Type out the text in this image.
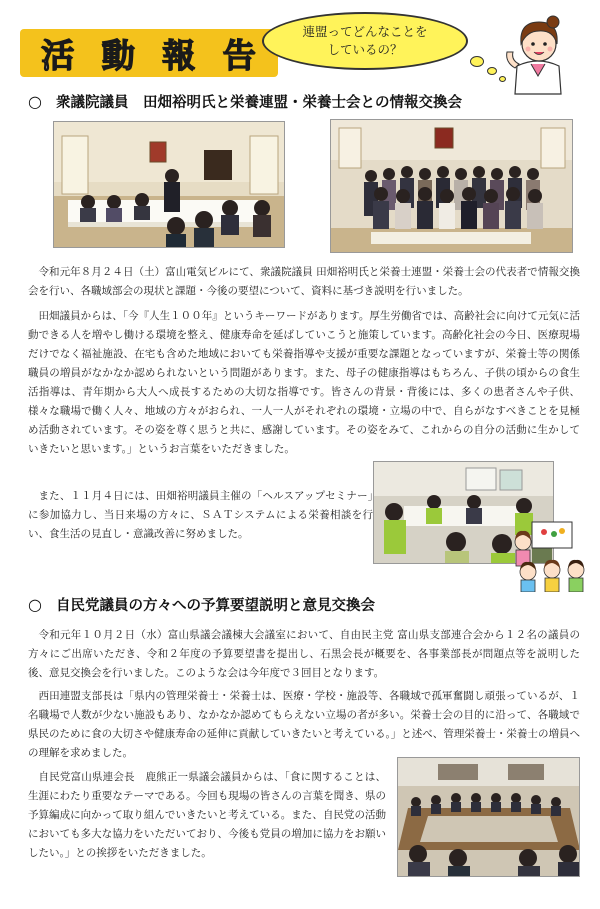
活 動 報 告
連盟ってどんなことを
しているの？
○ 衆議院議員　田畑裕明氏と栄養連盟・栄養士会との情報交換会

令和元年８月２４日（土）富山電気ビルにて、衆議院議員 田畑裕明氏と栄養士連盟・栄養士会の代表者で情報交換会を行い、各職域部会の現状と課題・今後の要望について、資料に基づき説明を行いました。

田畑議員からは、「今『人生１００年』というキーワードがあります。厚生労働省では、高齢社会に向けて元気に活動できる人を増やし働ける環境を整え、健康寿命を延ばしていこうと施策しています。高齢化社会の今日、医療現場だけでなく福祉施設、在宅も含めた地域においても栄養指導や支援が重要な課題となっていますが、栄養士等の関係職員の増員がなかなか認められないという問題があります。また、母子の健康指導はもちろん、子供の頃からの食生活指導は、青年期から大人へ成長するための大切な指導です。皆さんの背景・背後には、多くの患者さんや子供、様々な職場で働く人々、地域の方々がおられ、一人一人がそれぞれの環境・立場の中で、自らがなすべきことを見極め活動されています。その姿を尊く思うと共に、感謝しています。その姿をみて、これからの自分の活動に生かしていきたいと思います。」というお言葉をいただきました。

また、１１月４日には、田畑裕明議員主催の「ヘルスアップセミナー」に参加協力し、当日来場の方々に、ＳＡＴシステムによる栄養相談を行い、食生活の見直し・意識改善に努めました。

○ 自民党議員の方々への予算要望説明と意見交換会

令和元年１０月２日（水）富山県議会議棟大会議室において、自由民主党 富山県支部連合会から１２名の議員の方々にご出席いただき、令和２年度の予算要望書を提出し、石黒会長が概要を、各事業部長が問題点等を説明した後、意見交換会を行いました。このような会は今年度で３回目となります。

西田連盟支部長は「県内の管理栄養士・栄養士は、医療・学校・施設等、各職域で孤軍奮闘し頑張っているが、１名職場で人数が少ない施設もあり、なかなか認めてもらえない立場の者が多い。栄養士会の目的に沿って、各職域で県民のために食の大切さや健康寿命の延伸に貢献していきたいと考えている。」と述べ、管理栄養士・栄養士の増員への理解を求めました。

自民党富山県連会長　鹿熊正一県議会議員からは、「食に関することは、生涯にわたり重要なテーマである。今回も現場の皆さんの言葉を聞き、県の予算編成に向かって取り組んでいきたいと考えている。また、自民党の活動においても多大な協力をいただいており、今後も党員の増加に協力をお願いしたい。」との挨拶をいただきました。
